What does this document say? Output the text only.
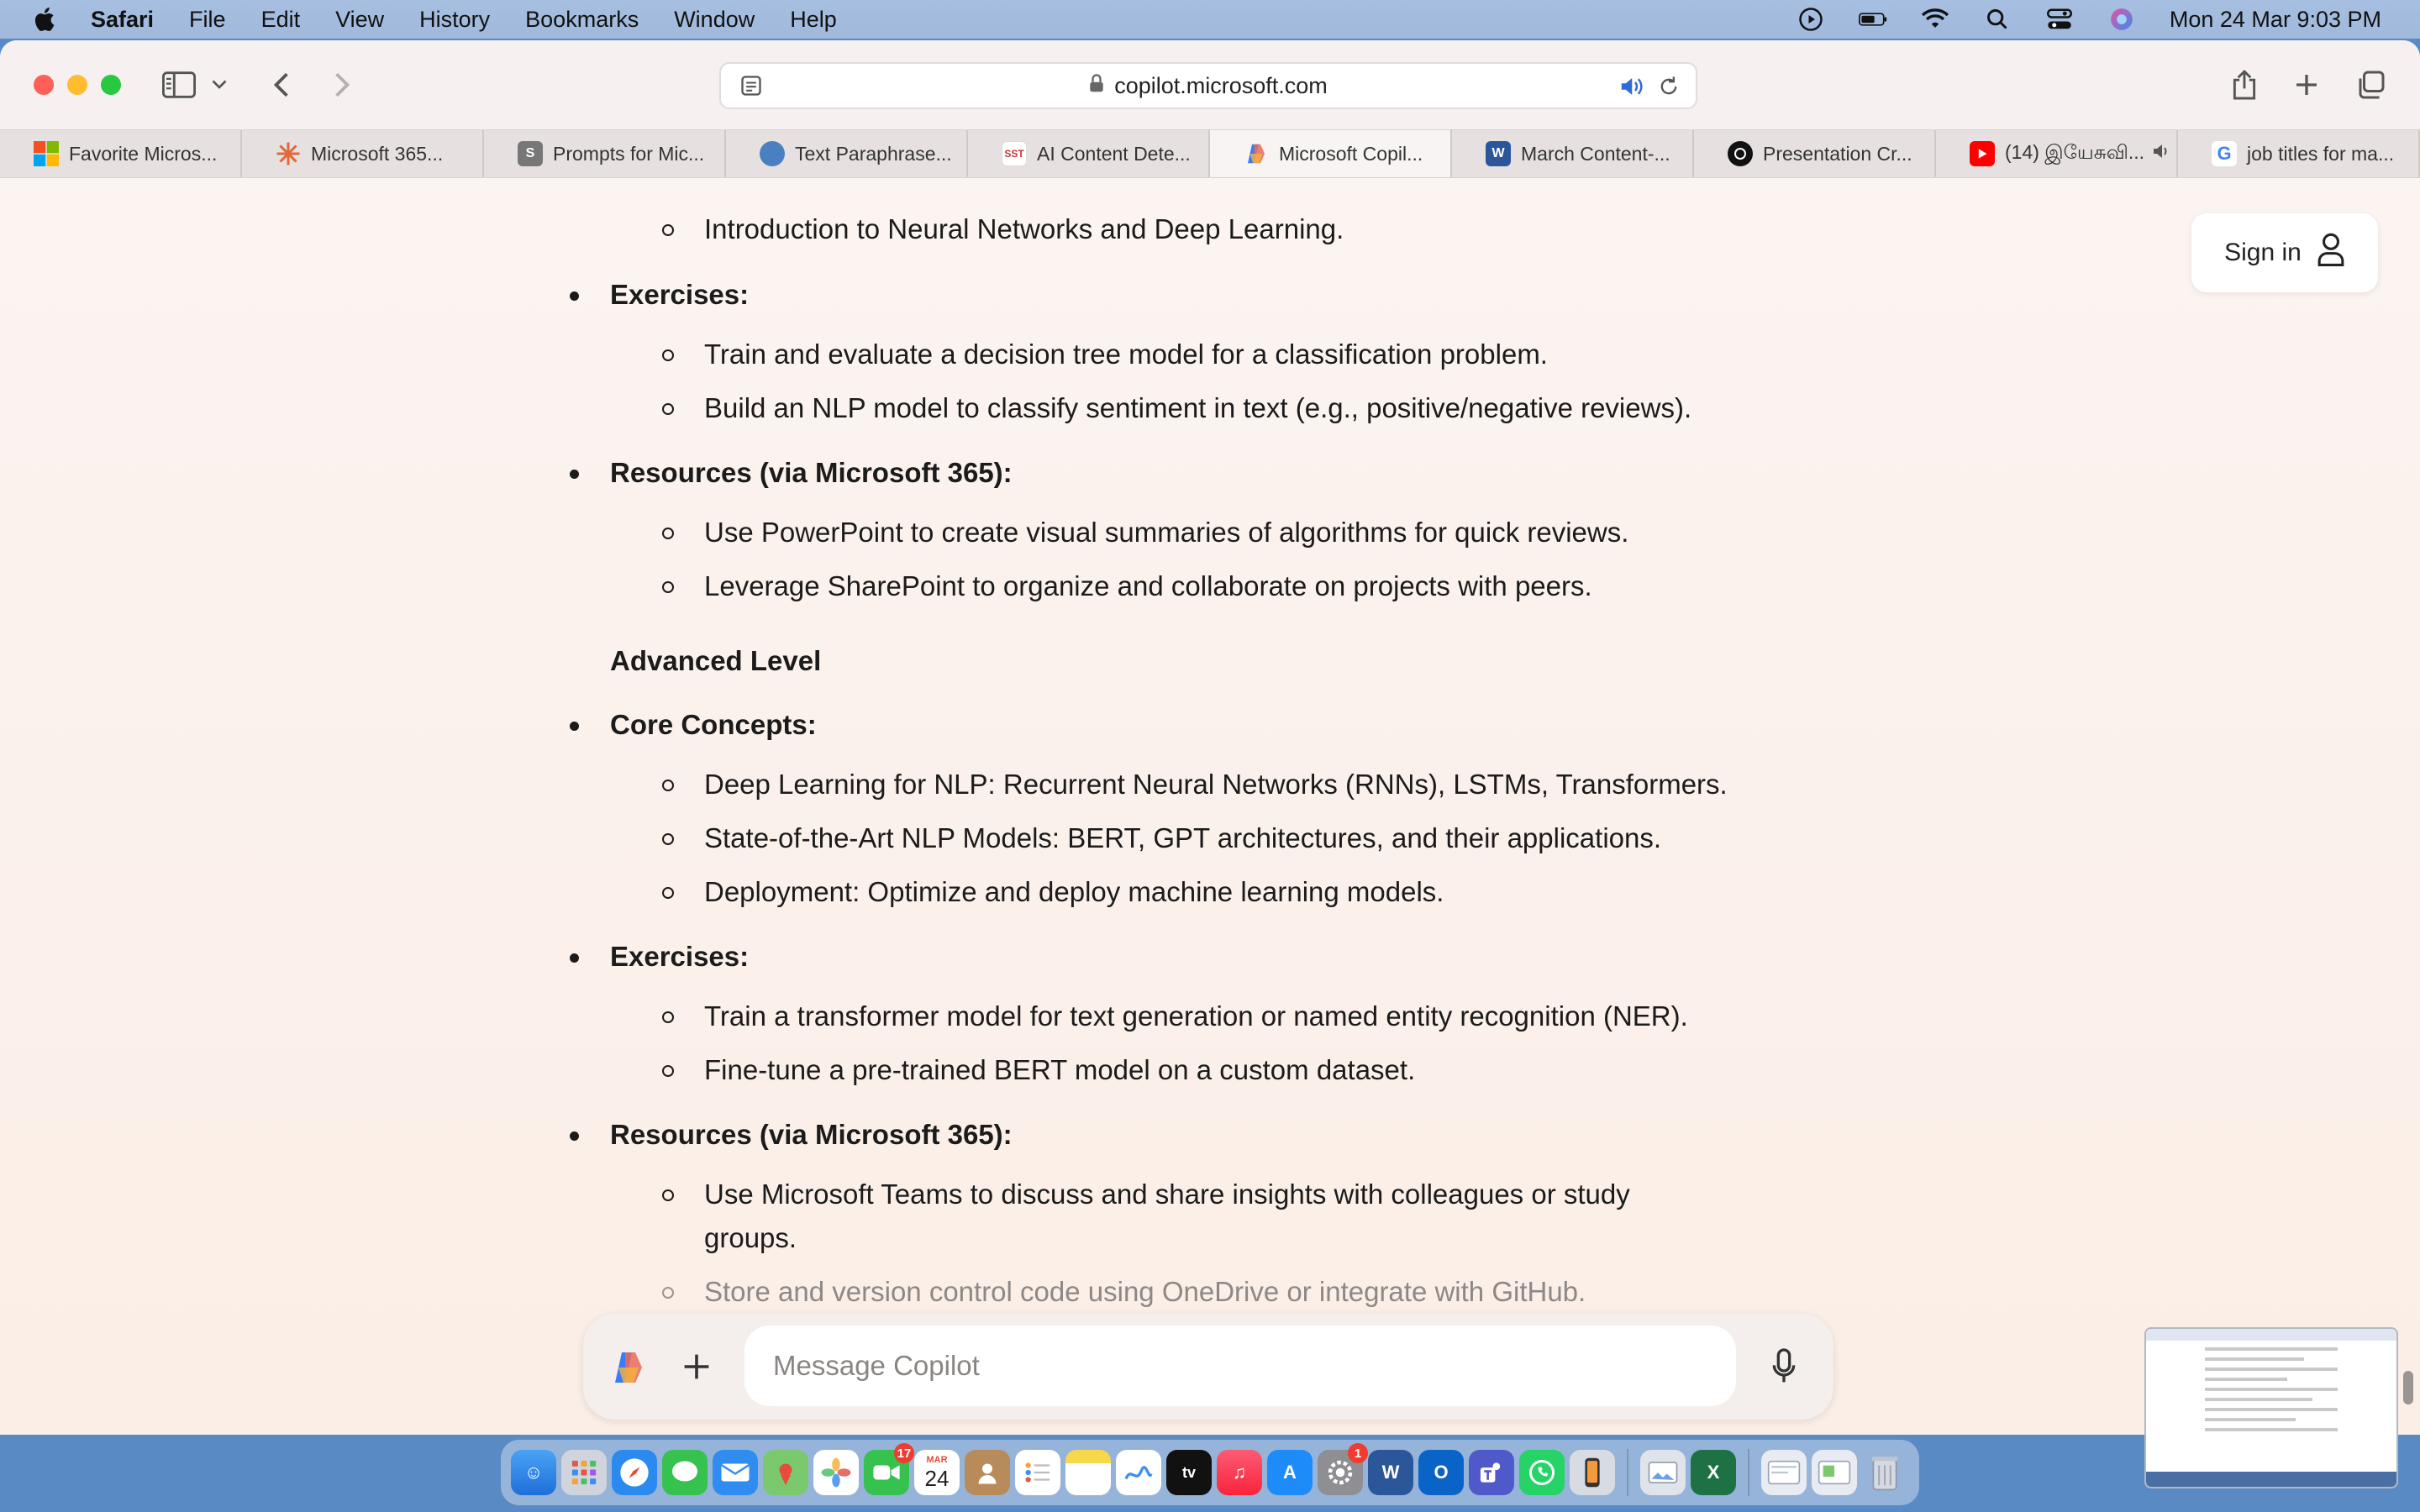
Safari File Edit View History Bookmarks Window Help	Mon 24 Mar 9:03 PM
copilot.microsoft.com
Favorite Micros...	Microsoft 365...	S Prompts for Mic...	Text Paraphrase...	SST AI Content Dete...	Microsoft Copil...	W March Content-...	Presentation Cr...	(14) இயேசுவி...	G job titles for ma...
Introduction to Neural Networks and Deep Learning.
Exercises:
Train and evaluate a decision tree model for a classification problem.
Build an NLP model to classify sentiment in text (e.g., positive/negative reviews).
Resources (via Microsoft 365):
Use PowerPoint to create visual summaries of algorithms for quick reviews.
Leverage SharePoint to organize and collaborate on projects with peers.
Advanced Level
Core Concepts:
Deep Learning for NLP: Recurrent Neural Networks (RNNs), LSTMs, Transformers.
State-of-the-Art NLP Models: BERT, GPT architectures, and their applications.
Deployment: Optimize and deploy machine learning models.
Exercises:
Train a transformer model for text generation or named entity recognition (NER).
Fine-tune a pre-trained BERT model on a custom dataset.
Resources (via Microsoft 365):
Use Microsoft Teams to discuss and share insights with colleagues or study groups.
Store and version control code using OneDrive or integrate with GitHub.
Sign in
Message Copilot
☺
17	MAR
24	tv	♫	A
1
W	O	X
